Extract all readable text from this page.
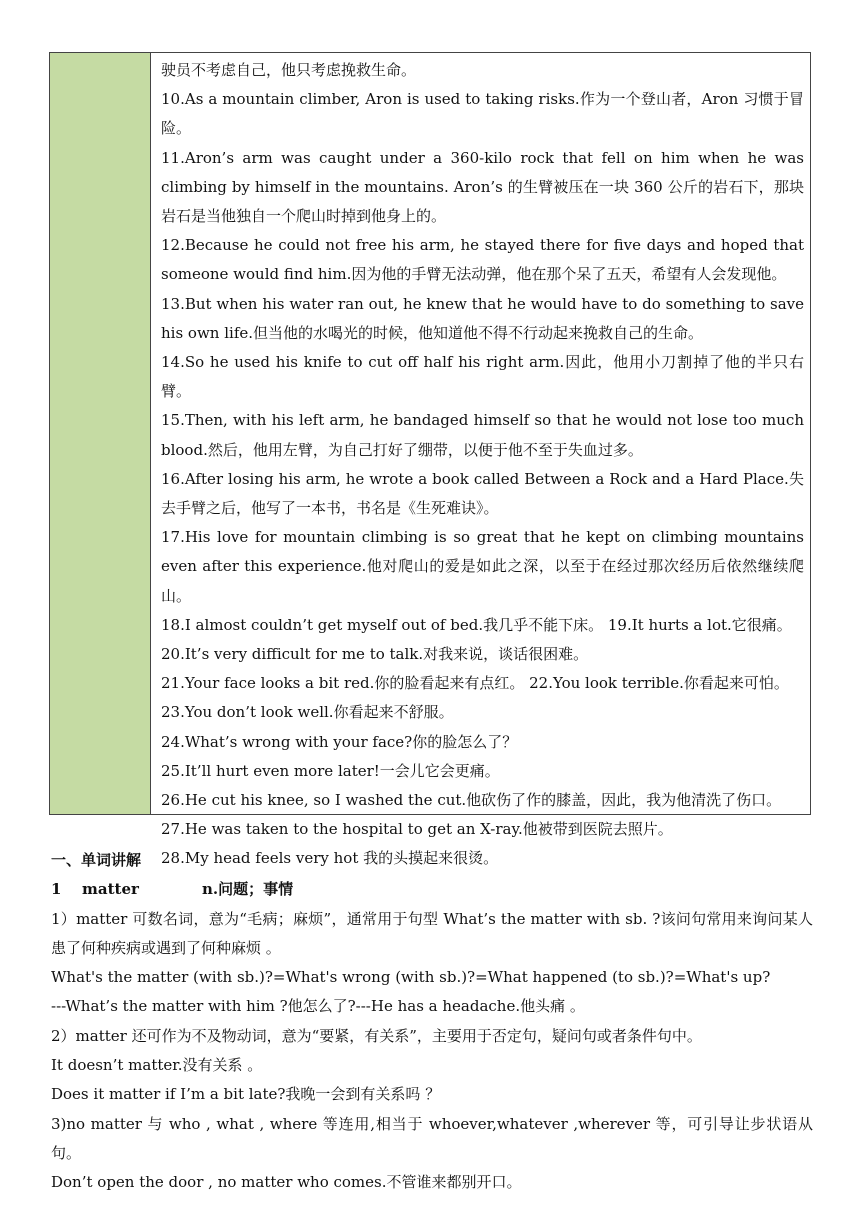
驶员不考虑自己，他只考虑挽救生命。

10.As a mountain climber, Aron is used to taking risks.作为一个登山者，Aron 习惯于冒险。

11.Aron’s arm was caught under a 360-kilo rock that fell on him when he was climbing by himself in the mountains. Aron’s 的生臂被压在一块 360 公斤的岩石下，那块岩石是当他独自一个爬山时掉到他身上的。

12.Because he could not free his arm, he stayed there for five days and hoped that someone would find him.因为他的手臂无法动弹，他在那个呆了五天，希望有人会发现他。

13.But when his water ran out, he knew that he would have to do something to save his own life.但当他的水喝光的时候，他知道他不得不行动起来挽救自己的生命。

14.So he used his knife to cut off half his right arm.因此，他用小刀割掉了他的半只右臂。

15.Then, with his left arm, he bandaged himself so that he would not lose too much blood.然后，他用左臂，为自己打好了绷带，以便于他不至于失血过多。

16.After losing his arm, he wrote a book called Between a Rock and a Hard Place.失去手臂之后，他写了一本书，书名是《生死难诀》。

17.His love for mountain climbing is so great that he kept on climbing mountains even after this experience.他对爬山的爱是如此之深，以至于在经过那次经历后依然继续爬山。

18.I almost couldn’t get myself out of bed.我几乎不能下床。 19.It hurts a lot.它很痛。

20.It’s very difficult for me to talk.对我来说，谈话很困难。

21.Your face looks a bit red.你的脸看起来有点红。 22.You look terrible.你看起来可怕。

23.You don’t look well.你看起来不舒服。

24.What’s wrong with your face?你的脸怎么了？

25.It’ll hurt even more later!一会儿它会更痛。

26.He cut his knee, so I washed the cut.他砍伤了作的膝盖，因此，我为他清洗了伤口。

27.He was taken to the hospital to get an X-ray.他被带到医院去照片。

28.My head feels very hot 我的头摸起来很烫。

一、单词讲解

1	matter	n.问题；事情

1）matter 可数名词，意为“毛病；麻烦”，通常用于句型 What’s the matter with sb. ?该问句常用来询问某人患了何种疾病或遇到了何种麻烦 。

What's the matter (with sb.)?=What's wrong (with sb.)?=What happened (to sb.)?=What's up?

---What’s the matter with him ?他怎么了?---He has a headache.他头痛 。

2）matter 还可作为不及物动词，意为“要紧，有关系”，主要用于否定句，疑问句或者条件句中。

It doesn’t matter.没有关系 。

Does it matter if I’m a bit late?我晚一会到有关系吗 ？

3)no matter 与 who , what , where 等连用,相当于 whoever,whatever ,wherever 等，可引导让步状语从句。

Don’t open the door , no matter who comes.不管谁来都别开口。
